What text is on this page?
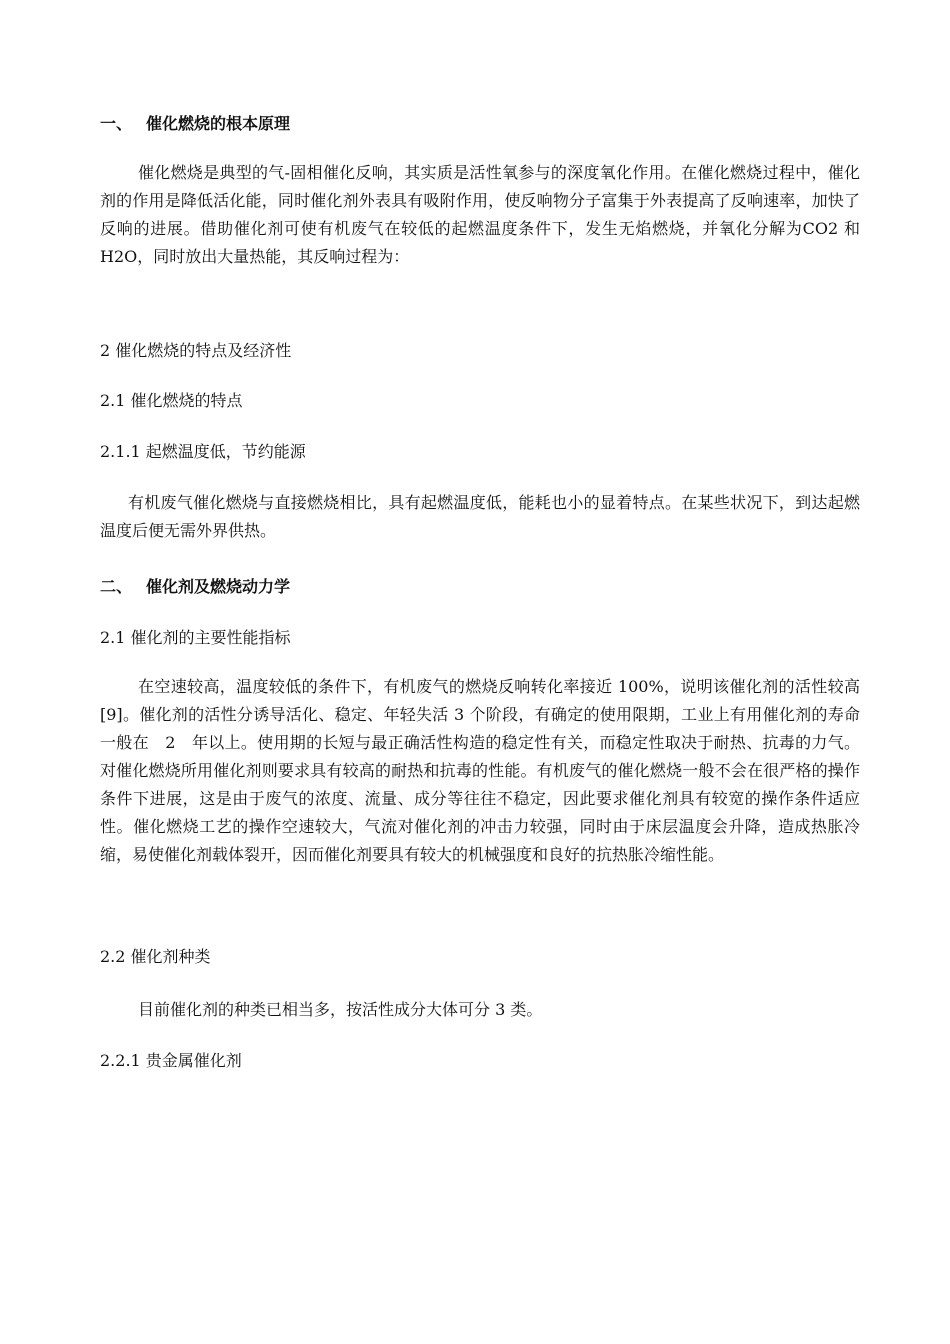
一、 催化燃烧的根本原理

催化燃烧是典型的气-固相催化反响，其实质是活性氧参与的深度氧化作用。在催化燃烧过程中，催化剂的作用是降低活化能，同时催化剂外表具有吸附作用，使反响物分子富集于外表提高了反响速率，加快了反响的进展。借助催化剂可使有机废气在较低的起燃温度条件下，发生无焰燃烧，并氧化分解为CO2 和 H2O，同时放出大量热能，其反响过程为：

2 催化燃烧的特点及经济性
2.1 催化燃烧的特点
2.1.1 起燃温度低，节约能源

有机废气催化燃烧与直接燃烧相比，具有起燃温度低，能耗也小的显着特点。在某些状况下，到达起燃温度后便无需外界供热。

二、 催化剂及燃烧动力学
2.1 催化剂的主要性能指标

在空速较高，温度较低的条件下，有机废气的燃烧反响转化率接近 100%，说明该催化剂的活性较高[9]。催化剂的活性分诱导活化、稳定、年轻失活 3 个阶段，有确定的使用限期，工业上有用催化剂的寿命一般在　2　年以上。使用期的长短与最正确活性构造的稳定性有关，而稳定性取决于耐热、抗毒的力气。对催化燃烧所用催化剂则要求具有较高的耐热和抗毒的性能。有机废气的催化燃烧一般不会在很严格的操作条件下进展，这是由于废气的浓度、流量、成分等往往不稳定，因此要求催化剂具有较宽的操作条件适应性。催化燃烧工艺的操作空速较大，气流对催化剂的冲击力较强，同时由于床层温度会升降，造成热胀冷缩，易使催化剂载体裂开，因而催化剂要具有较大的机械强度和良好的抗热胀冷缩性能。

2.2 催化剂种类

目前催化剂的种类已相当多，按活性成分大体可分 3 类。

2.2.1 贵金属催化剂
